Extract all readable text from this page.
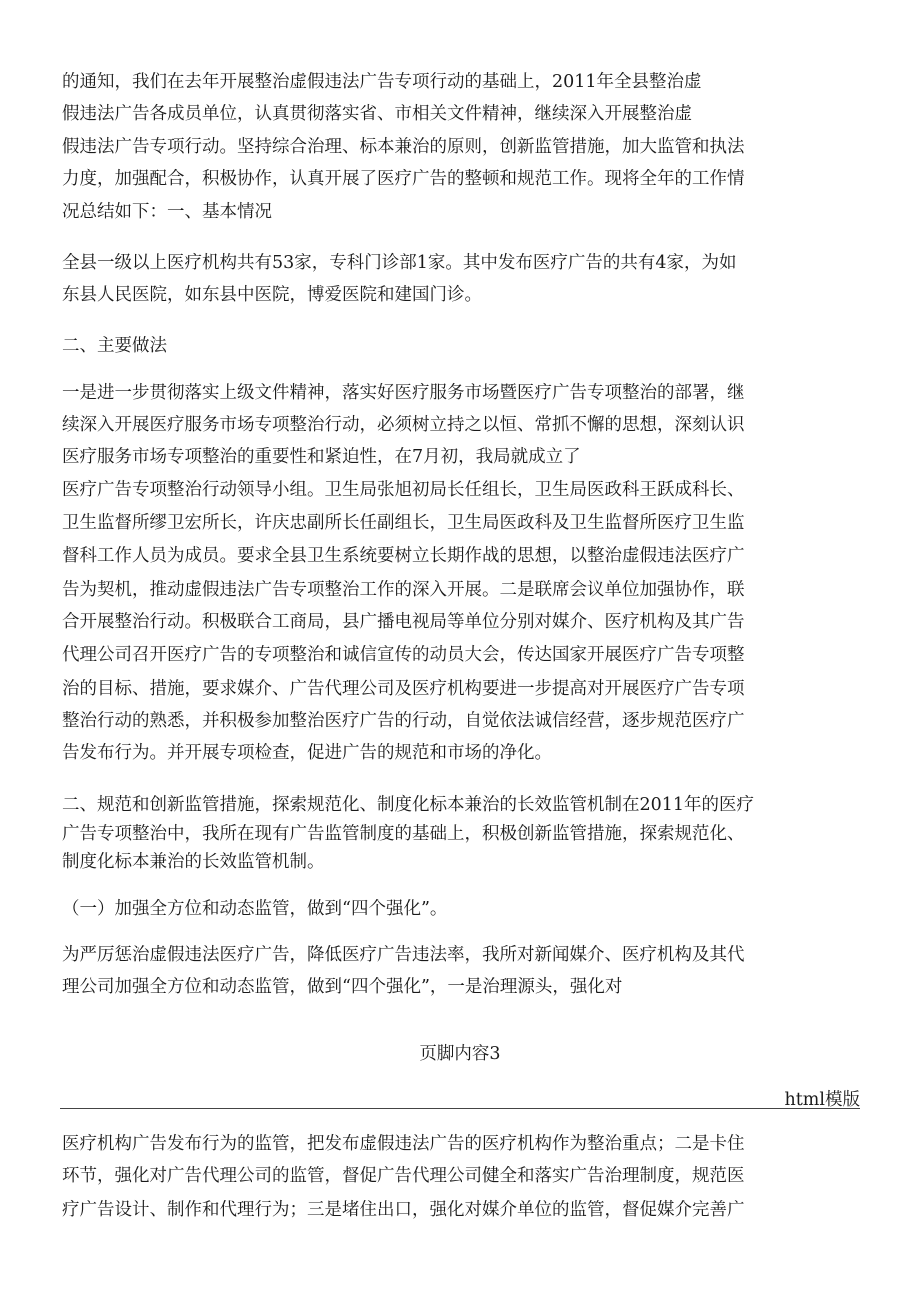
的通知，我们在去年开展整治虚假违法广告专项行动的基础上，2011年全县整治虚
假违法广告各成员单位，认真贯彻落实省、市相关文件精神，继续深入开展整治虚
假违法广告专项行动。坚持综合治理、标本兼治的原则，创新监管措施，加大监管和执法
力度，加强配合，积极协作，认真开展了医疗广告的整顿和规范工作。现将全年的工作情
况总结如下：一、基本情况
全县一级以上医疗机构共有53家，专科门诊部1家。其中发布医疗广告的共有4家，为如
东县人民医院，如东县中医院，博爱医院和建国门诊。
二、主要做法
一是进一步贯彻落实上级文件精神，落实好医疗服务市场暨医疗广告专项整治的部署，继
续深入开展医疗服务市场专项整治行动，必须树立持之以恒、常抓不懈的思想，深刻认识
医疗服务市场专项整治的重要性和紧迫性，在7月初，我局就成立了
医疗广告专项整治行动领导小组。卫生局张旭初局长任组长，卫生局医政科王跃成科长、
卫生监督所缪卫宏所长，许庆忠副所长任副组长，卫生局医政科及卫生监督所医疗卫生监
督科工作人员为成员。要求全县卫生系统要树立长期作战的思想，以整治虚假违法医疗广
告为契机，推动虚假违法广告专项整治工作的深入开展。二是联席会议单位加强协作，联
合开展整治行动。积极联合工商局，县广播电视局等单位分别对媒介、医疗机构及其广告
代理公司召开医疗广告的专项整治和诚信宣传的动员大会，传达国家开展医疗广告专项整
治的目标、措施，要求媒介、广告代理公司及医疗机构要进一步提高对开展医疗广告专项
整治行动的熟悉，并积极参加整治医疗广告的行动，自觉依法诚信经营，逐步规范医疗广
告发布行为。并开展专项检查，促进广告的规范和市场的净化。
二、规范和创新监管措施，探索规范化、制度化标本兼治的长效监管机制在2011年的医疗
广告专项整治中，我所在现有广告监管制度的基础上，积极创新监管措施，探索规范化、
制度化标本兼治的长效监管机制。
（一）加强全方位和动态监管，做到“四个强化”。
为严厉惩治虚假违法医疗广告，降低医疗广告违法率，我所对新闻媒介、医疗机构及其代
理公司加强全方位和动态监管，做到“四个强化”，一是治理源头，强化对
页脚内容3
html模版
医疗机构广告发布行为的监管，把发布虚假违法广告的医疗机构作为整治重点；二是卡住
环节，强化对广告代理公司的监管，督促广告代理公司健全和落实广告治理制度，规范医
疗广告设计、制作和代理行为；三是堵住出口，强化对媒介单位的监管，督促媒介完善广
